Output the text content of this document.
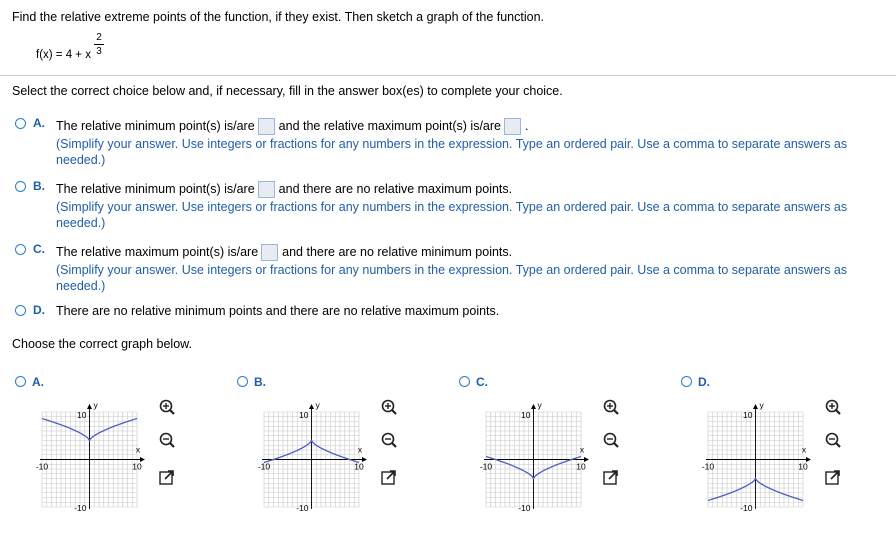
Find the relative extreme points of the function, if they exist. Then sketch a graph of the function.
2
3
f(x) = 4 + x
Select the correct choice below and, if necessary, fill in the answer box(es) to complete your choice.
A. The relative minimum point(s) is/are and the relative maximum point(s) is/are .
(Simplify your answer. Use integers or fractions for any numbers in the expression. Type an ordered pair. Use a comma to separate answers as needed.)
B. The relative minimum point(s) is/are and there are no relative maximum points.
(Simplify your answer. Use integers or fractions for any numbers in the expression. Type an ordered pair. Use a comma to separate answers as needed.)
C. The relative maximum point(s) is/are and there are no relative minimum points.
(Simplify your answer. Use integers or fractions for any numbers in the expression. Type an ordered pair. Use a comma to separate answers as needed.)
D. There are no relative minimum points and there are no relative maximum points.
Choose the correct graph below.
A.	B.	C.	D.
y
10
-10
-10	10
x
y
10
-10
-10	10
x
y
10
-10
-10	10
x
y
10
-10
-10	10
x
